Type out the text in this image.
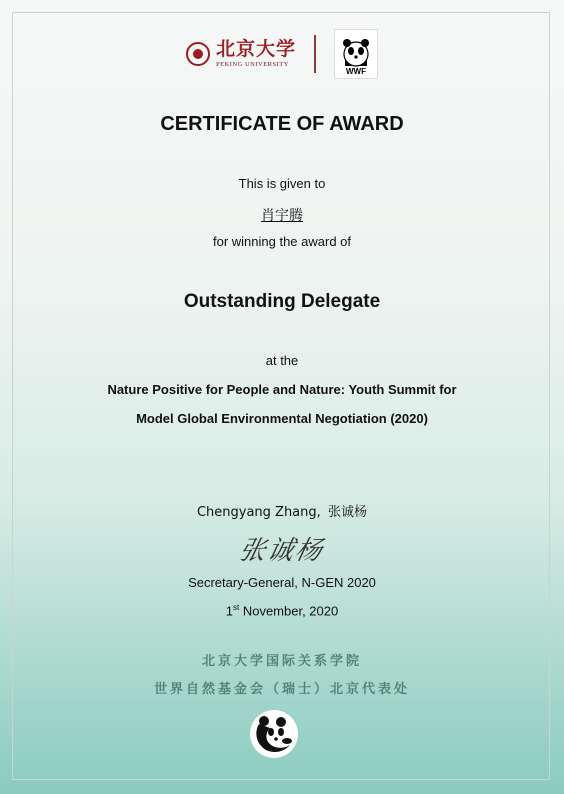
北京大学
PEKING UNIVERSITY
WWF
CERTIFICATE OF AWARD
This is given to
肖宇腾
for winning the award of
Outstanding Delegate
at the
Nature Positive for People and Nature: Youth Summit for
Model Global Environmental Negotiation (2020)
Chengyang Zhang, 张诚杨
张诚杨
Secretary-General, N-GEN 2020
1st November, 2020
北京大学国际关系学院
世界自然基金会（瑞士）北京代表处
